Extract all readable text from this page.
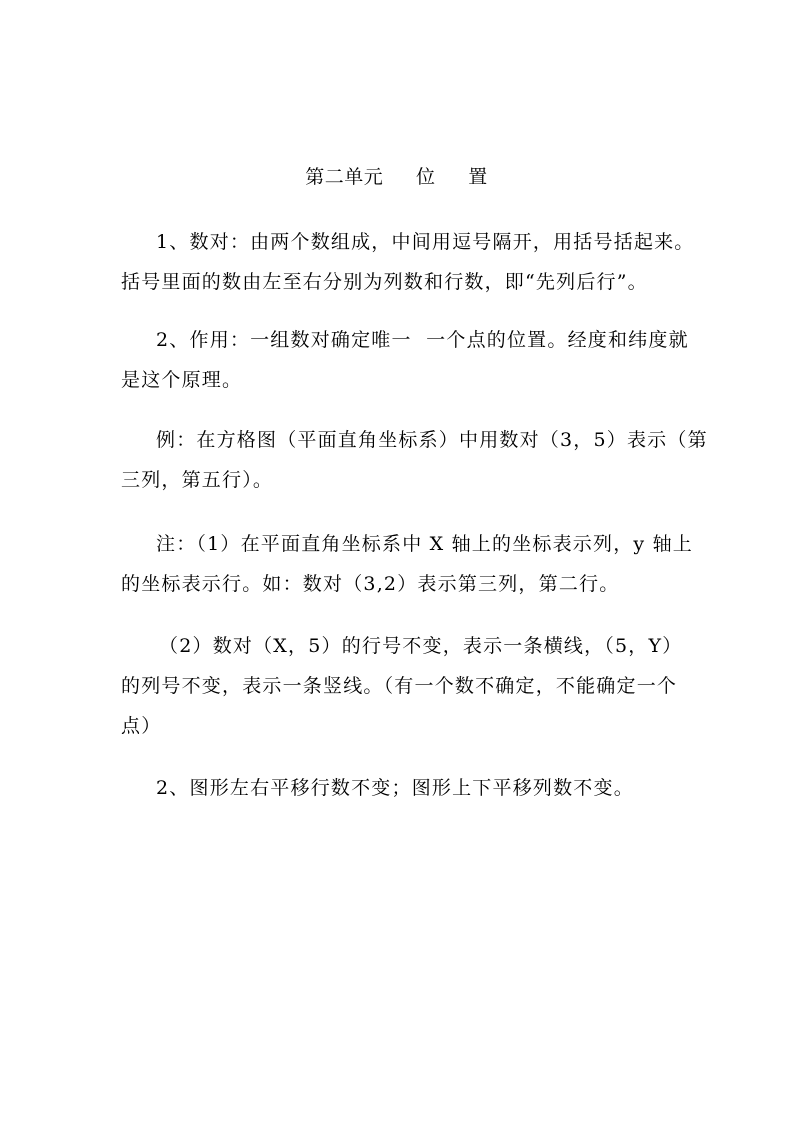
第二单元     位     置
1、数对：由两个数组成，中间用逗号隔开，用括号括起来。
括号里面的数由左至右分别为列数和行数，即“先列后行”。
2、作用：一组数对确定唯一  一个点的位置。经度和纬度就
是这个原理。
例：在方格图（平面直角坐标系）中用数对（3，5）表示（第
三列，第五行）。
注：（1）在平面直角坐标系中 X 轴上的坐标表示列，y 轴上
的坐标表示行。如：数对（3,2）表示第三列，第二行。
（2）数对（X，5）的行号不变，表示一条横线，（5，Y）
的列号不变，表示一条竖线。（有一个数不确定，不能确定一个
点）
2、图形左右平移行数不变；图形上下平移列数不变。
